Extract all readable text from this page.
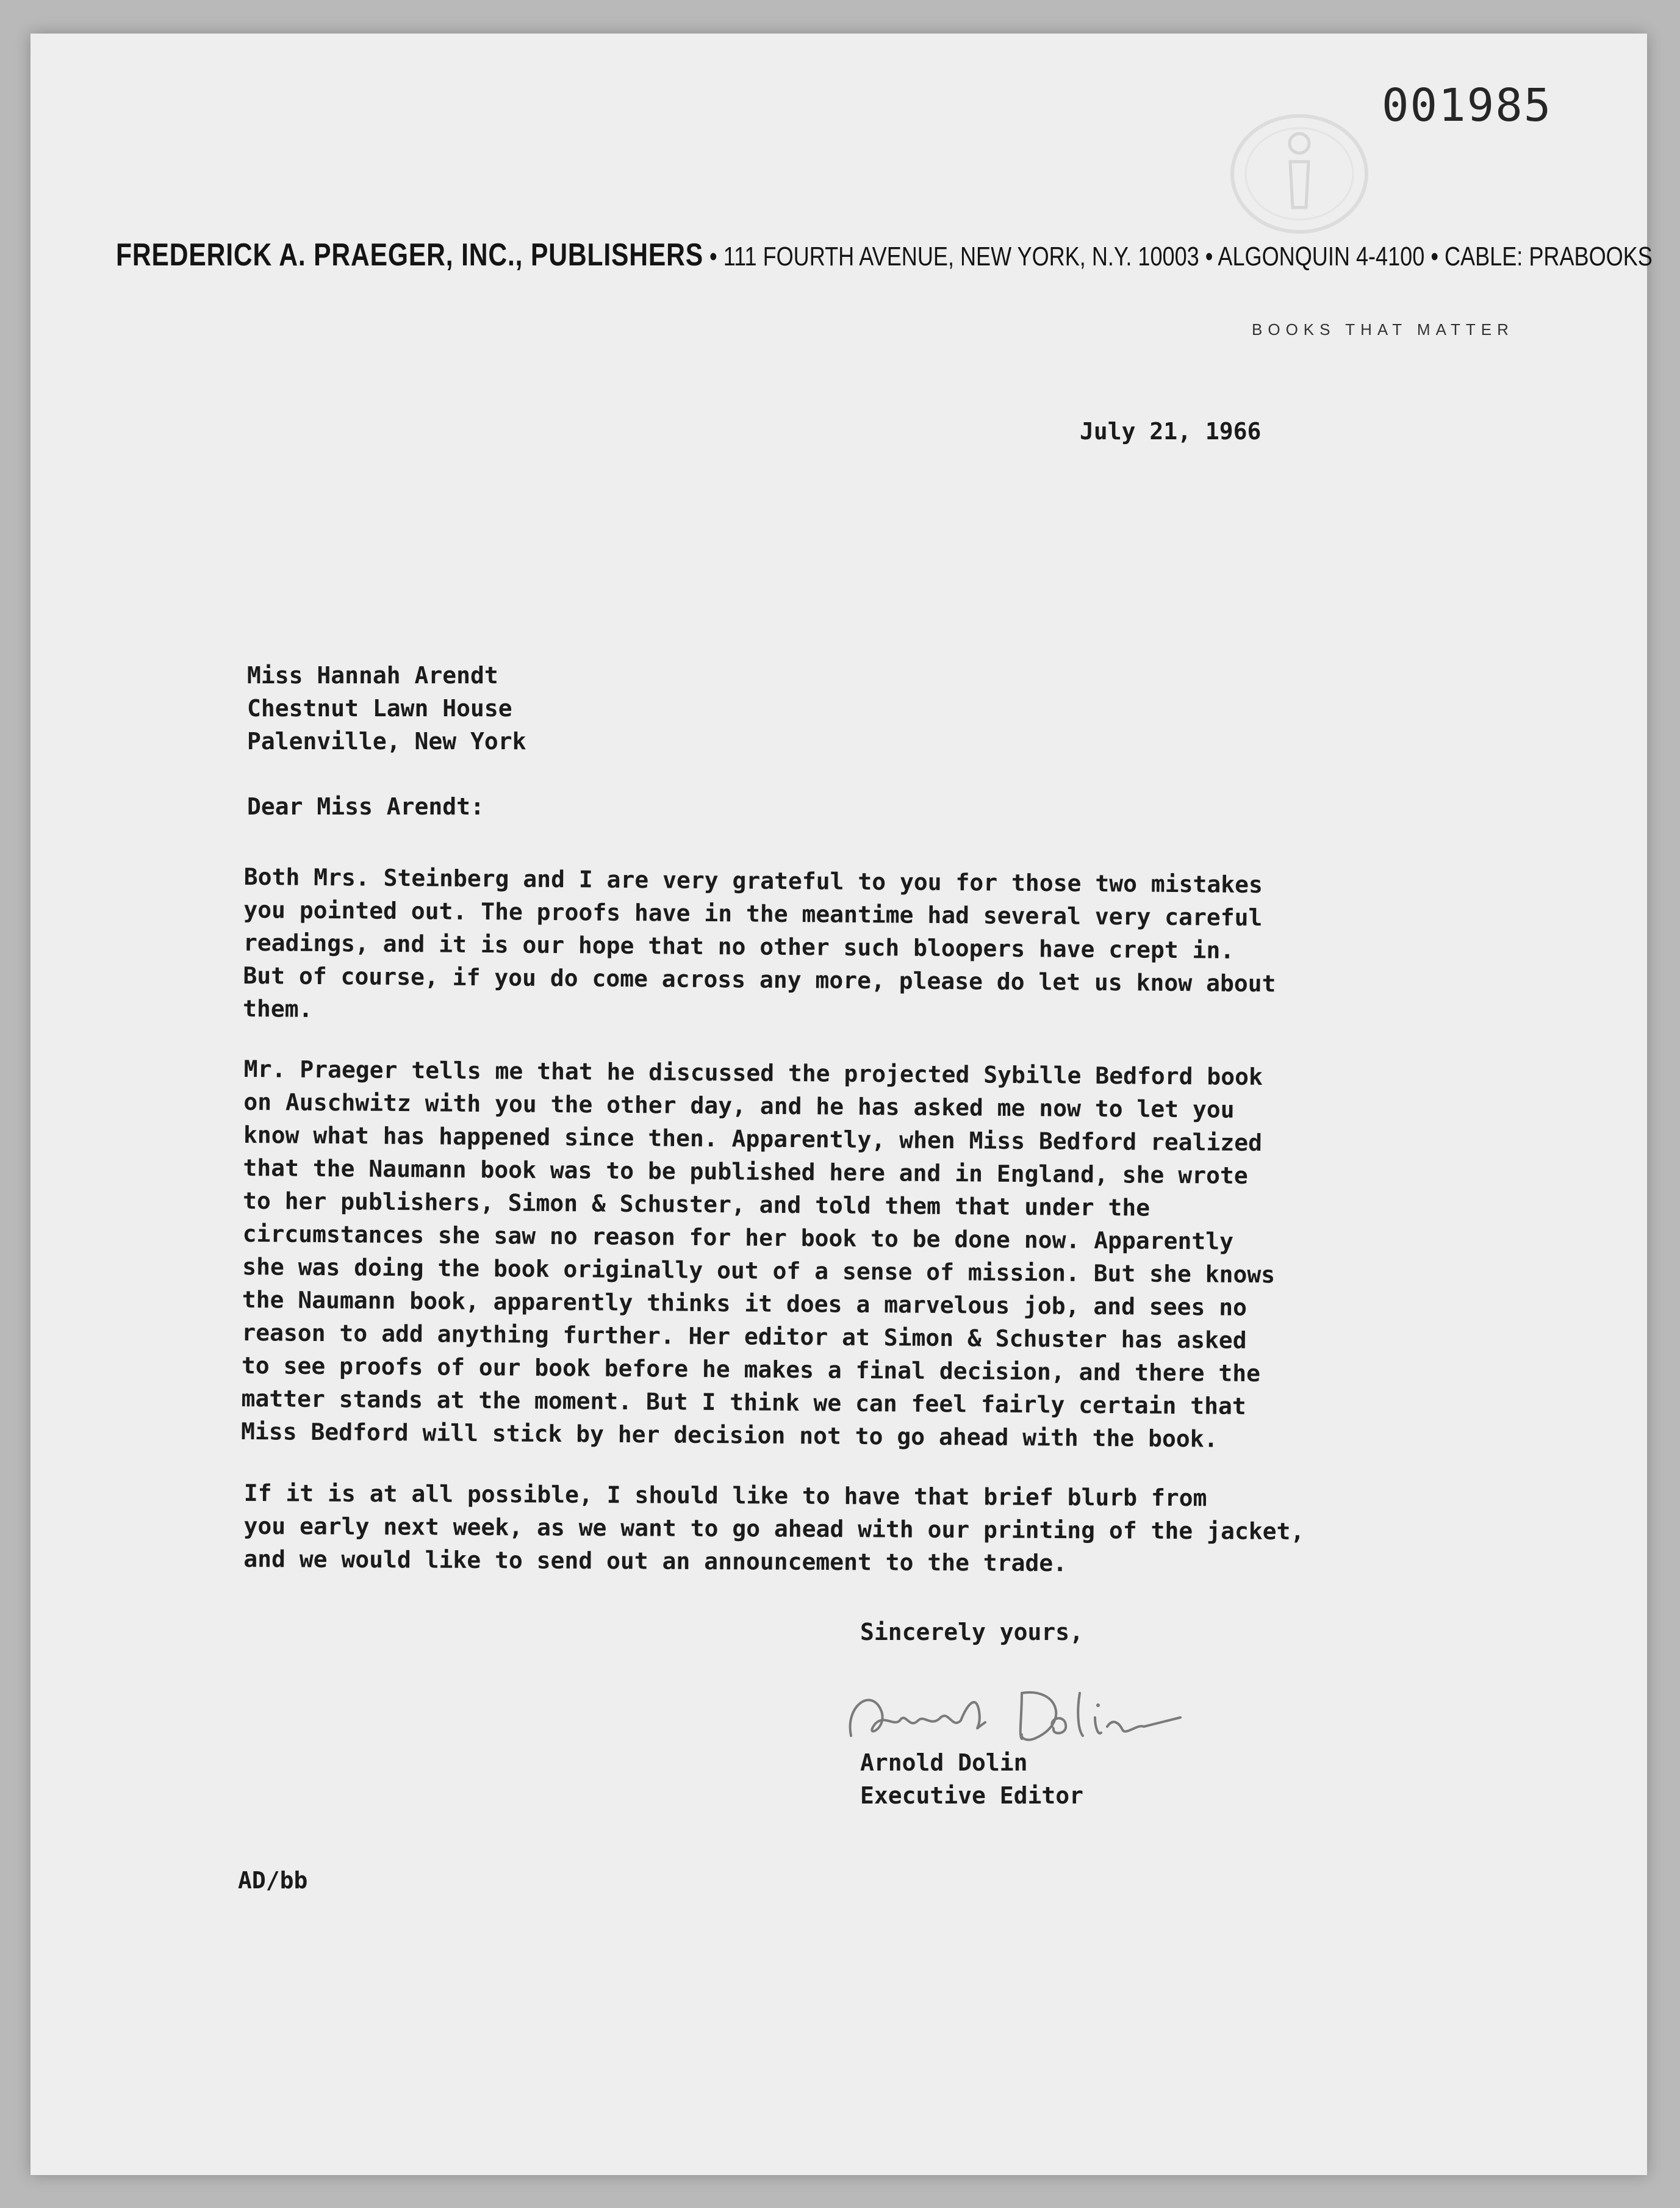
001985
FREDERICK A. PRAEGER, INC., PUBLISHERS • 111 FOURTH AVENUE, NEW YORK, N.Y. 10003 • ALGONQUIN 4-4100 • CABLE: PRABOOKS
BOOKS THAT MATTER
July 21, 1966
Miss Hannah Arendt
Chestnut Lawn House
Palenville, New York
Dear Miss Arendt:
Both Mrs. Steinberg and I are very grateful to you for those two mistakes
you pointed out. The proofs have in the meantime had several very careful
readings, and it is our hope that no other such bloopers have crept in.
But of course, if you do come across any more, please do let us know about
them.
Mr. Praeger tells me that he discussed the projected Sybille Bedford book
on Auschwitz with you the other day, and he has asked me now to let you
know what has happened since then. Apparently, when Miss Bedford realized
that the Naumann book was to be published here and in England, she wrote
to her publishers, Simon & Schuster, and told them that under the
circumstances she saw no reason for her book to be done now. Apparently
she was doing the book originally out of a sense of mission. But she knows
the Naumann book, apparently thinks it does a marvelous job, and sees no
reason to add anything further. Her editor at Simon & Schuster has asked
to see proofs of our book before he makes a final decision, and there the
matter stands at the moment. But I think we can feel fairly certain that
Miss Bedford will stick by her decision not to go ahead with the book.
If it is at all possible, I should like to have that brief blurb from
you early next week, as we want to go ahead with our printing of the jacket,
and we would like to send out an announcement to the trade.
Sincerely yours,
Arnold Dolin
Executive Editor
AD/bb
